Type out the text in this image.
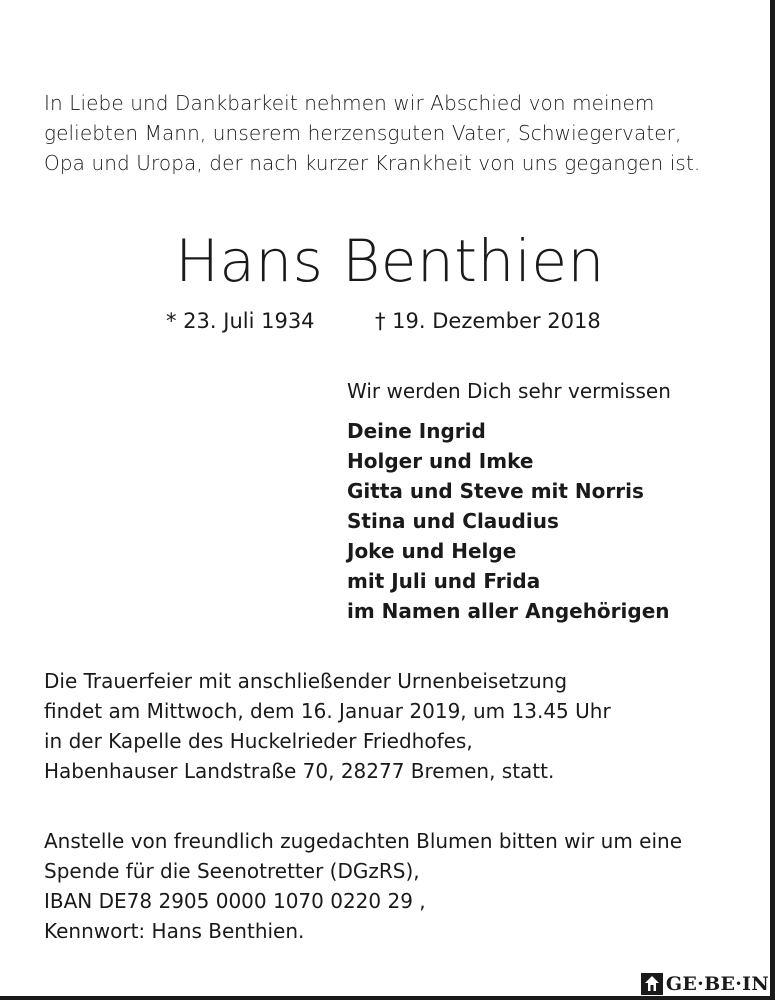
In Liebe und Dankbarkeit nehmen wir Abschied von meinem
geliebten Mann, unserem herzensguten Vater, Schwiegervater,
Opa und Uropa, der nach kurzer Krankheit von uns gegangen ist.
Hans Benthien
* 23. Juli 1934	† 19. Dezember 2018
Wir werden Dich sehr vermissen
Deine Ingrid
Holger und Imke
Gitta und Steve mit Norris
Stina und Claudius
Joke und Helge
mit Juli und Frida
im Namen aller Angehörigen
Die Trauerfeier mit anschließender Urnenbeisetzung
findet am Mittwoch, dem 16. Januar 2019, um 13.45 Uhr
in der Kapelle des Huckelrieder Friedhofes,
Habenhauser Landstraße 70, 28277 Bremen, statt.
Anstelle von freundlich zugedachten Blumen bitten wir um eine
Spende für die Seenotretter (DGzRS),
IBAN DE78 2905 0000 1070 0220 29 ,
Kennwort: Hans Benthien.
GE·BE·IN
